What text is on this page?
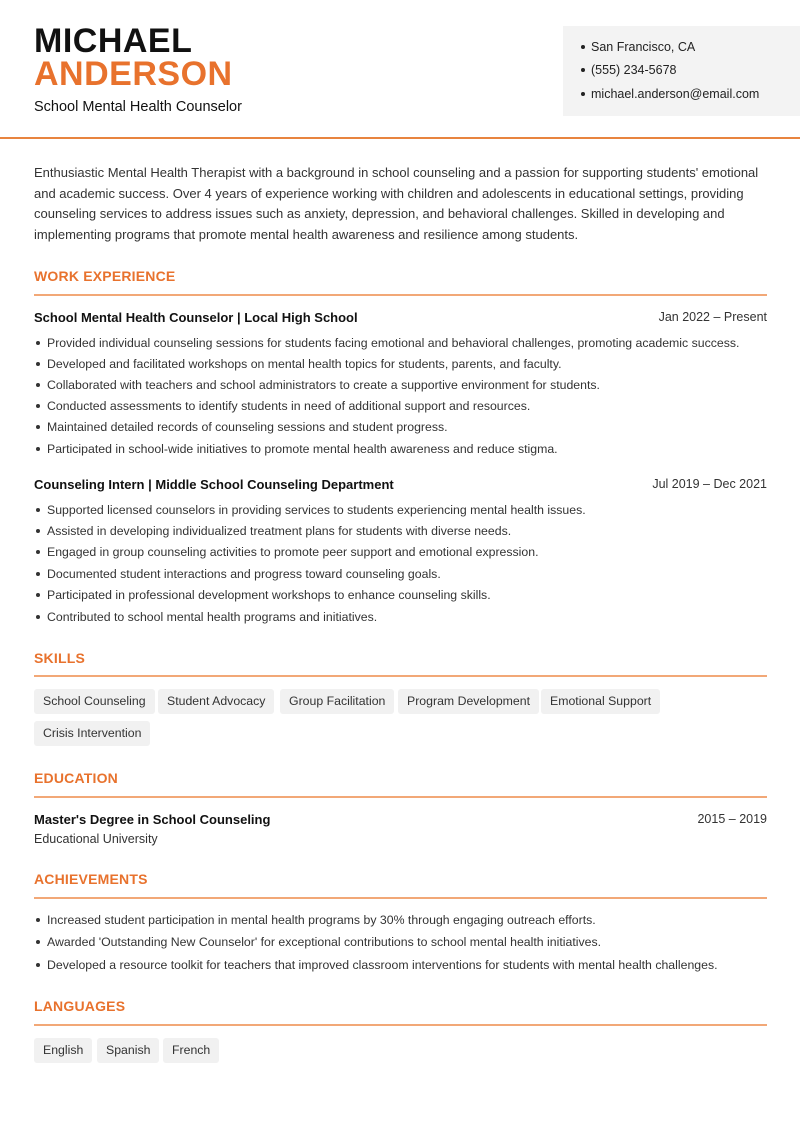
MICHAEL
ANDERSON
School Mental Health Counselor
San Francisco, CA
(555) 234-5678
michael.anderson@email.com
Enthusiastic Mental Health Therapist with a background in school counseling and a passion for supporting students' emotional and academic success. Over 4 years of experience working with children and adolescents in educational settings, providing counseling services to address issues such as anxiety, depression, and behavioral challenges. Skilled in developing and implementing programs that promote mental health awareness and resilience among students.
WORK EXPERIENCE
School Mental Health Counselor | Local High School	Jan 2022 – Present
Provided individual counseling sessions for students facing emotional and behavioral challenges, promoting academic success.
Developed and facilitated workshops on mental health topics for students, parents, and faculty.
Collaborated with teachers and school administrators to create a supportive environment for students.
Conducted assessments to identify students in need of additional support and resources.
Maintained detailed records of counseling sessions and student progress.
Participated in school-wide initiatives to promote mental health awareness and reduce stigma.
Counseling Intern | Middle School Counseling Department	Jul 2019 – Dec 2021
Supported licensed counselors in providing services to students experiencing mental health issues.
Assisted in developing individualized treatment plans for students with diverse needs.
Engaged in group counseling activities to promote peer support and emotional expression.
Documented student interactions and progress toward counseling goals.
Participated in professional development workshops to enhance counseling skills.
Contributed to school mental health programs and initiatives.
SKILLS
School Counseling	Student Advocacy	Group Facilitation	Program Development	Emotional Support
Crisis Intervention
EDUCATION
Master's Degree in School Counseling	2015 – 2019
Educational University
ACHIEVEMENTS
Increased student participation in mental health programs by 30% through engaging outreach efforts.
Awarded 'Outstanding New Counselor' for exceptional contributions to school mental health initiatives.
Developed a resource toolkit for teachers that improved classroom interventions for students with mental health challenges.
LANGUAGES
English	Spanish	French
